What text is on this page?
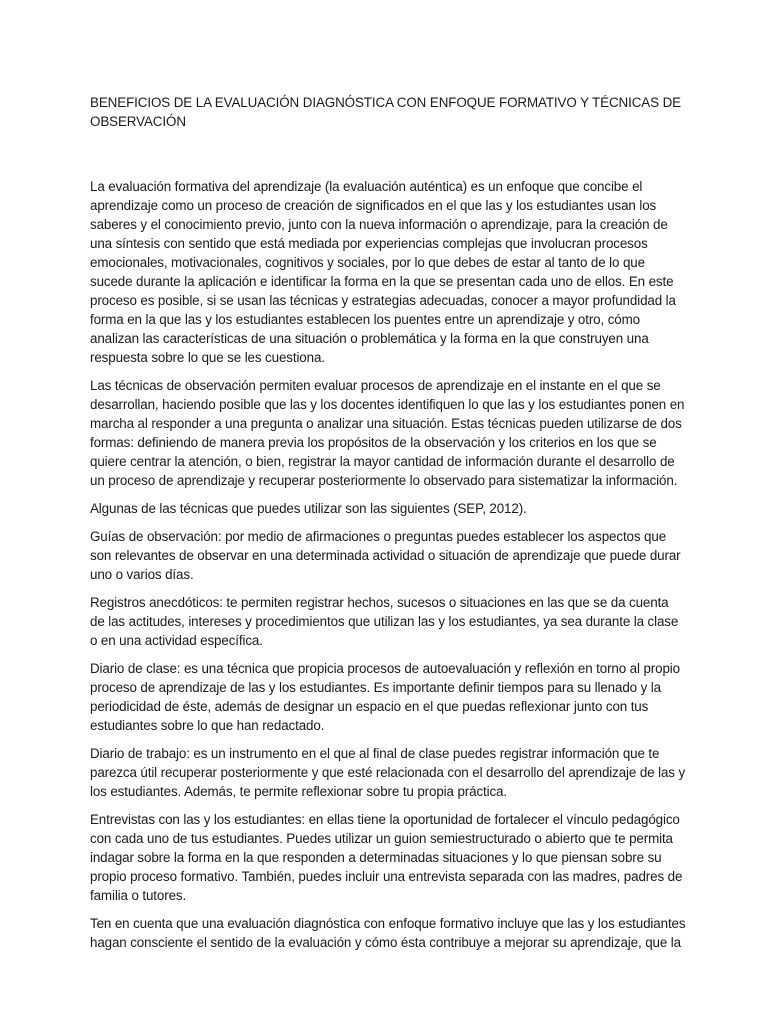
BENEFICIOS DE LA EVALUACIÓN DIAGNÓSTICA CON ENFOQUE FORMATIVO Y TÉCNICAS DE OBSERVACIÓN

La evaluación formativa del aprendizaje (la evaluación auténtica) es un enfoque que concibe el aprendizaje como un proceso de creación de significados en el que las y los estudiantes usan los saberes y el conocimiento previo, junto con la nueva información o aprendizaje, para la creación de una síntesis con sentido que está mediada por experiencias complejas que involucran procesos emocionales, motivacionales, cognitivos y sociales, por lo que debes de estar al tanto de lo que sucede durante la aplicación e identificar la forma en la que se presentan cada uno de ellos. En este proceso es posible, si se usan las técnicas y estrategias adecuadas, conocer a mayor profundidad la forma en la que las y los estudiantes establecen los puentes entre un aprendizaje y otro, cómo analizan las características de una situación o problemática y la forma en la que construyen una respuesta sobre lo que se les cuestiona.

Las técnicas de observación permiten evaluar procesos de aprendizaje en el instante en el que se desarrollan, haciendo posible que las y los docentes identifiquen lo que las y los estudiantes ponen en marcha al responder a una pregunta o analizar una situación. Estas técnicas pueden utilizarse de dos formas: definiendo de manera previa los propósitos de la observación y los criterios en los que se quiere centrar la atención, o bien, registrar la mayor cantidad de información durante el desarrollo de un proceso de aprendizaje y recuperar posteriormente lo observado para sistematizar la información.

Algunas de las técnicas que puedes utilizar son las siguientes (SEP, 2012).

Guías de observación: por medio de afirmaciones o preguntas puedes establecer los aspectos que son relevantes de observar en una determinada actividad o situación de aprendizaje que puede durar uno o varios días.

Registros anecdóticos: te permiten registrar hechos, sucesos o situaciones en las que se da cuenta de las actitudes, intereses y procedimientos que utilizan las y los estudiantes, ya sea durante la clase o en una actividad específica.

Diario de clase: es una técnica que propicia procesos de autoevaluación y reflexión en torno al propio proceso de aprendizaje de las y los estudiantes. Es importante definir tiempos para su llenado y la periodicidad de éste, además de designar un espacio en el que puedas reflexionar junto con tus estudiantes sobre lo que han redactado.

Diario de trabajo: es un instrumento en el que al final de clase puedes registrar información que te parezca útil recuperar posteriormente y que esté relacionada con el desarrollo del aprendizaje de las y los estudiantes. Además, te permite reflexionar sobre tu propia práctica.

Entrevistas con las y los estudiantes: en ellas tiene la oportunidad de fortalecer el vínculo pedagógico con cada uno de tus estudiantes. Puedes utilizar un guion semiestructurado o abierto que te permita indagar sobre la forma en la que responden a determinadas situaciones y lo que piensan sobre su propio proceso formativo. También, puedes incluir una entrevista separada con las madres, padres de familia o tutores.

Ten en cuenta que una evaluación diagnóstica con enfoque formativo incluye que las y los estudiantes hagan consciente el sentido de la evaluación y cómo ésta contribuye a mejorar su aprendizaje, que la
